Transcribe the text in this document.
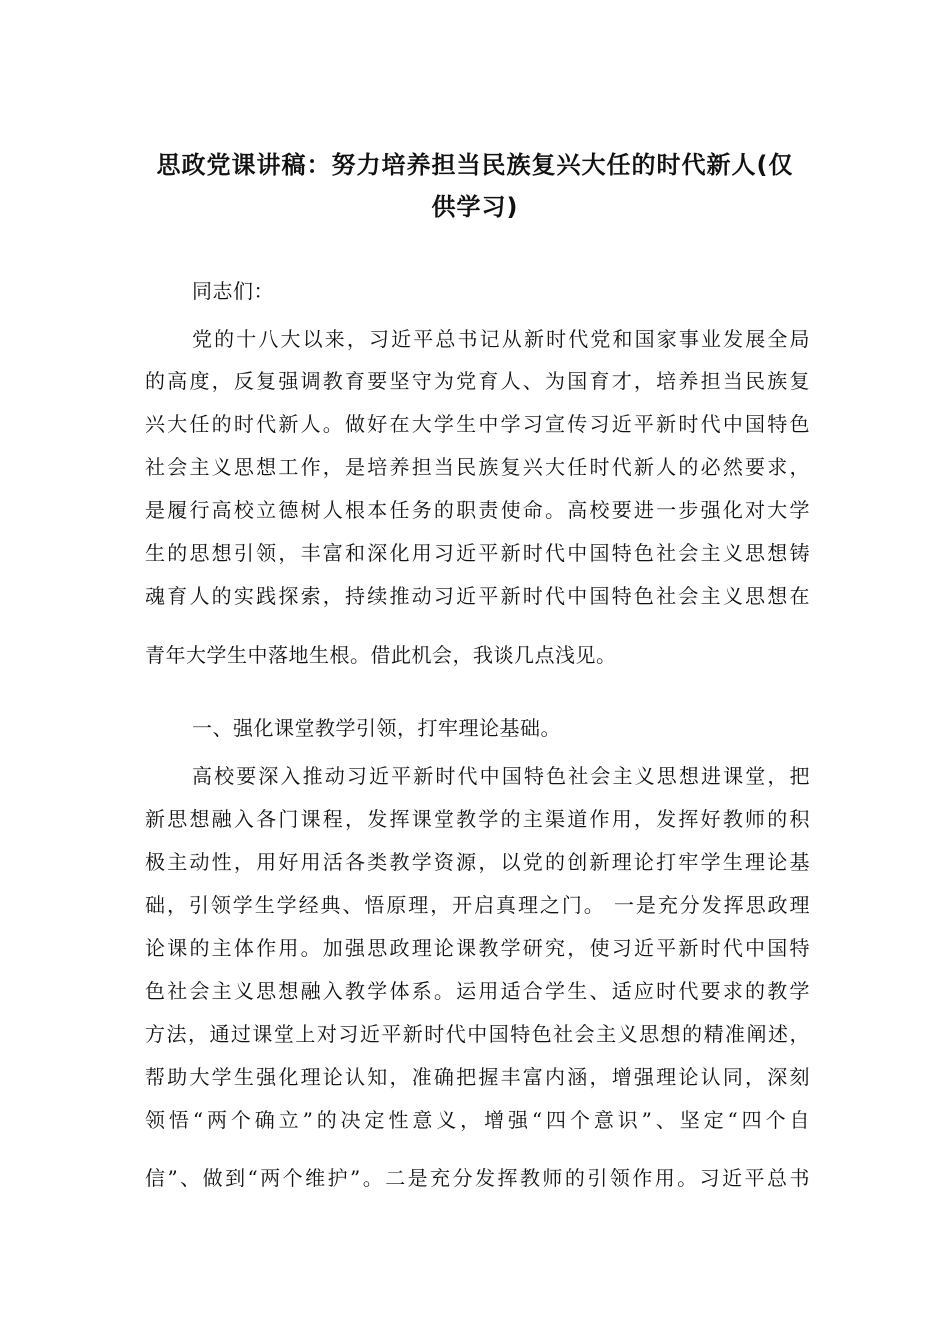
思政党课讲稿：努力培养担当民族复兴大任的时代新人(仅
供学习)

同志们：

党的十八大以来，习近平总书记从新时代党和国家事业发展全局

的高度，反复强调教育要坚守为党育人、为国育才，培养担当民族复

兴大任的时代新人。做好在大学生中学习宣传习近平新时代中国特色

社会主义思想工作，是培养担当民族复兴大任时代新人的必然要求，

是履行高校立德树人根本任务的职责使命。高校要进一步强化对大学

生的思想引领，丰富和深化用习近平新时代中国特色社会主义思想铸

魂育人的实践探索，持续推动习近平新时代中国特色社会主义思想在

青年大学生中落地生根。借此机会，我谈几点浅见。

一、强化课堂教学引领，打牢理论基础。

高校要深入推动习近平新时代中国特色社会主义思想进课堂，把

新思想融入各门课程，发挥课堂教学的主渠道作用，发挥好教师的积

极主动性，用好用活各类教学资源，以党的创新理论打牢学生理论基

础，引领学生学经典、悟原理，开启真理之门。 一是充分发挥思政理

论课的主体作用。加强思政理论课教学研究，使习近平新时代中国特

色社会主义思想融入教学体系。运用适合学生、适应时代要求的教学

方法，通过课堂上对习近平新时代中国特色社会主义思想的精准阐述，

帮助大学生强化理论认知，准确把握丰富内涵，增强理论认同，深刻

领悟“两个确立”的决定性意义，增强“四个意识”、坚定“四个自

信”、做到“两个维护”。二是充分发挥教师的引领作用。习近平总书
